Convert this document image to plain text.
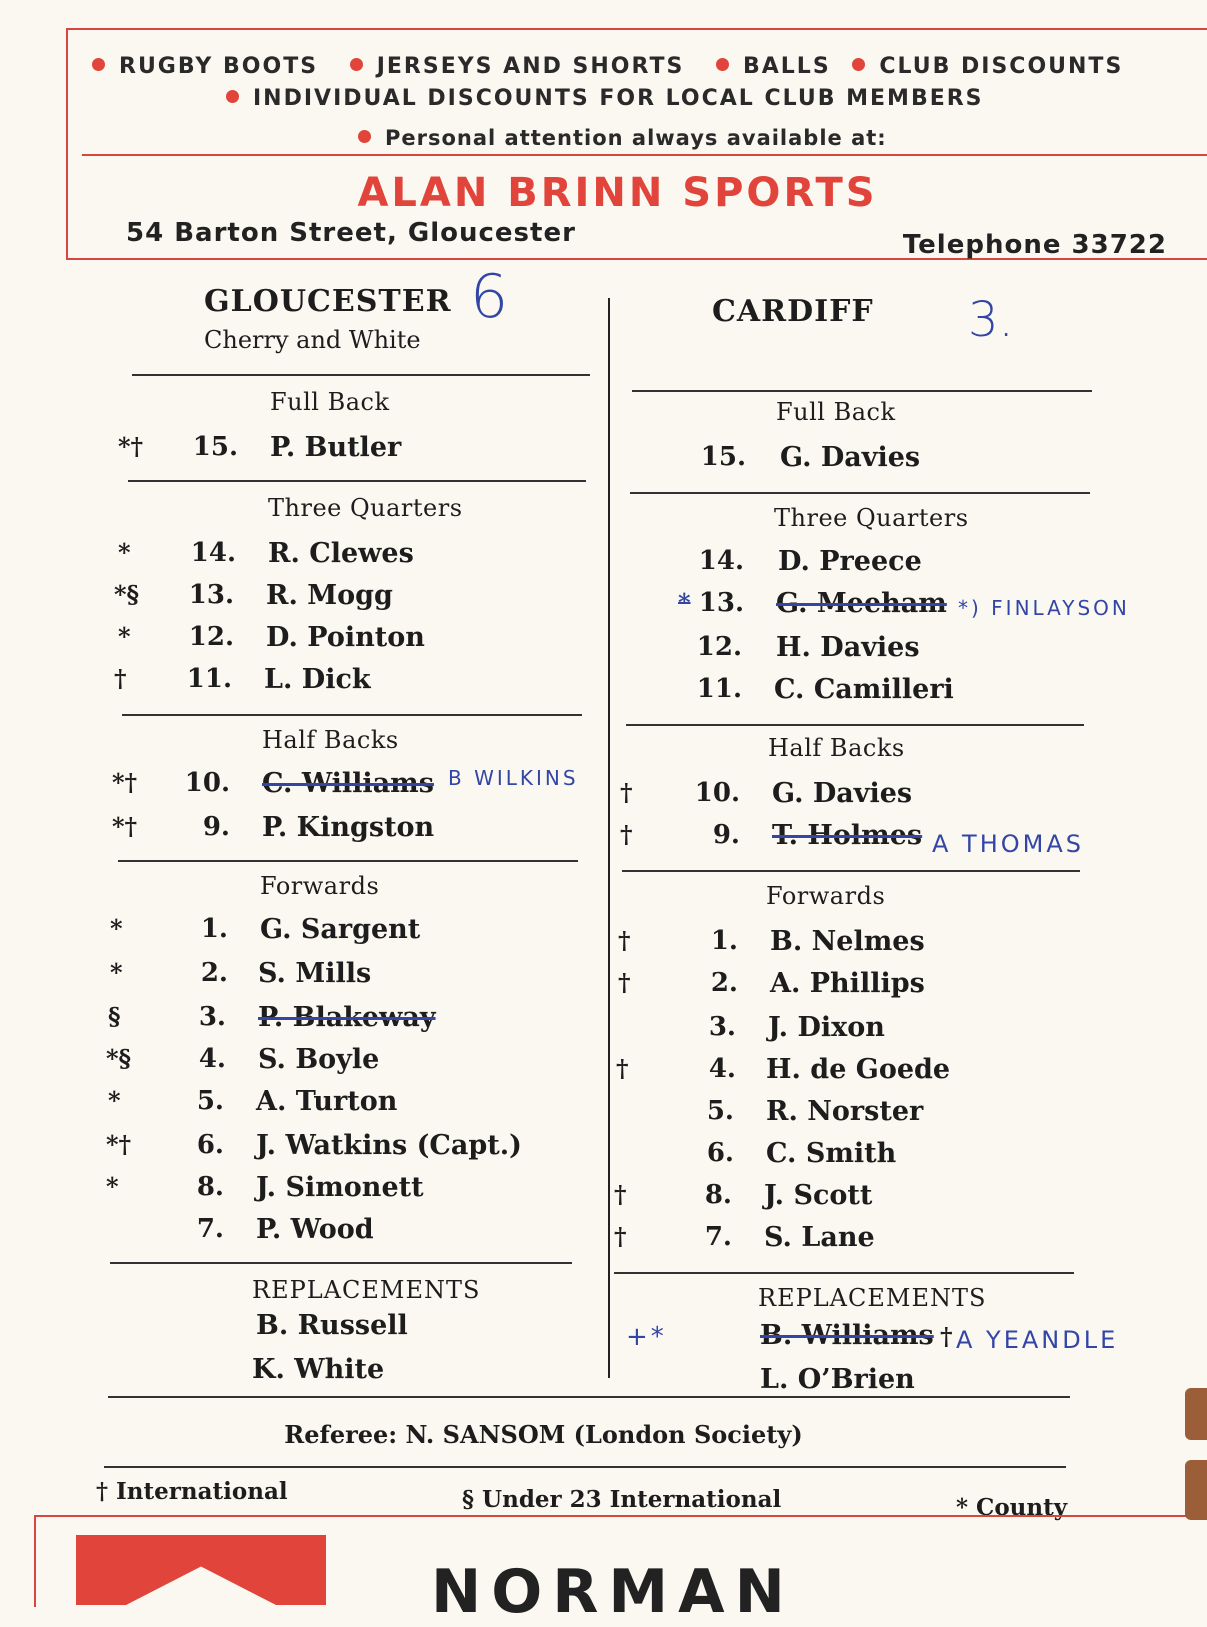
RUGBY BOOTS	JERSEYS AND SHORTS	BALLS CLUB DISCOUNTS
INDIVIDUAL DISCOUNTS FOR LOCAL CLUB MEMBERS
Personal attention always available at:
ALAN BRINN SPORTS
54 Barton Street, Gloucester	Telephone 33722
GLOUCESTER
Cherry and White
6	CARDIFF 3.
Full Back
*†	15. P. Butler
Three Quarters
*	14. R. Clewes
*§	13. R. Mogg
*	12. D. Pointon
†	11. L. Dick
Half Backs
*†	10. C. Williams B WILKINS
*†	9. P. Kingston
Forwards
*	1. G. Sargent
*	2. S. Mills
§	3. P. Blakeway
*§	4. S. Boyle
*	5. A. Turton
*†	6. J. Watkins (Capt.)
*	8. J. Simonett
7. P. Wood
REPLACEMENTS
B. Russell
K. White
Full Back
15. G. Davies
Three Quarters
14. D. Preece
* 13. G. Meeham *) FINLAYSON
12. H. Davies
11. C. Camilleri
Half Backs
†	10. G. Davies
†	9. T. Holmes A THOMAS
Forwards
†	1. B. Nelmes
†	2. A. Phillips
3. J. Dixon
†	4. H. de Goede
5. R. Norster
6. C. Smith
†	8. J. Scott
†	7. S. Lane
REPLACEMENTS
+*	B. Williams † A YEANDLE
L. O’Brien
Referee: N. SANSOM (London Society)
† International	§ Under 23 International	* County
NORMAN
